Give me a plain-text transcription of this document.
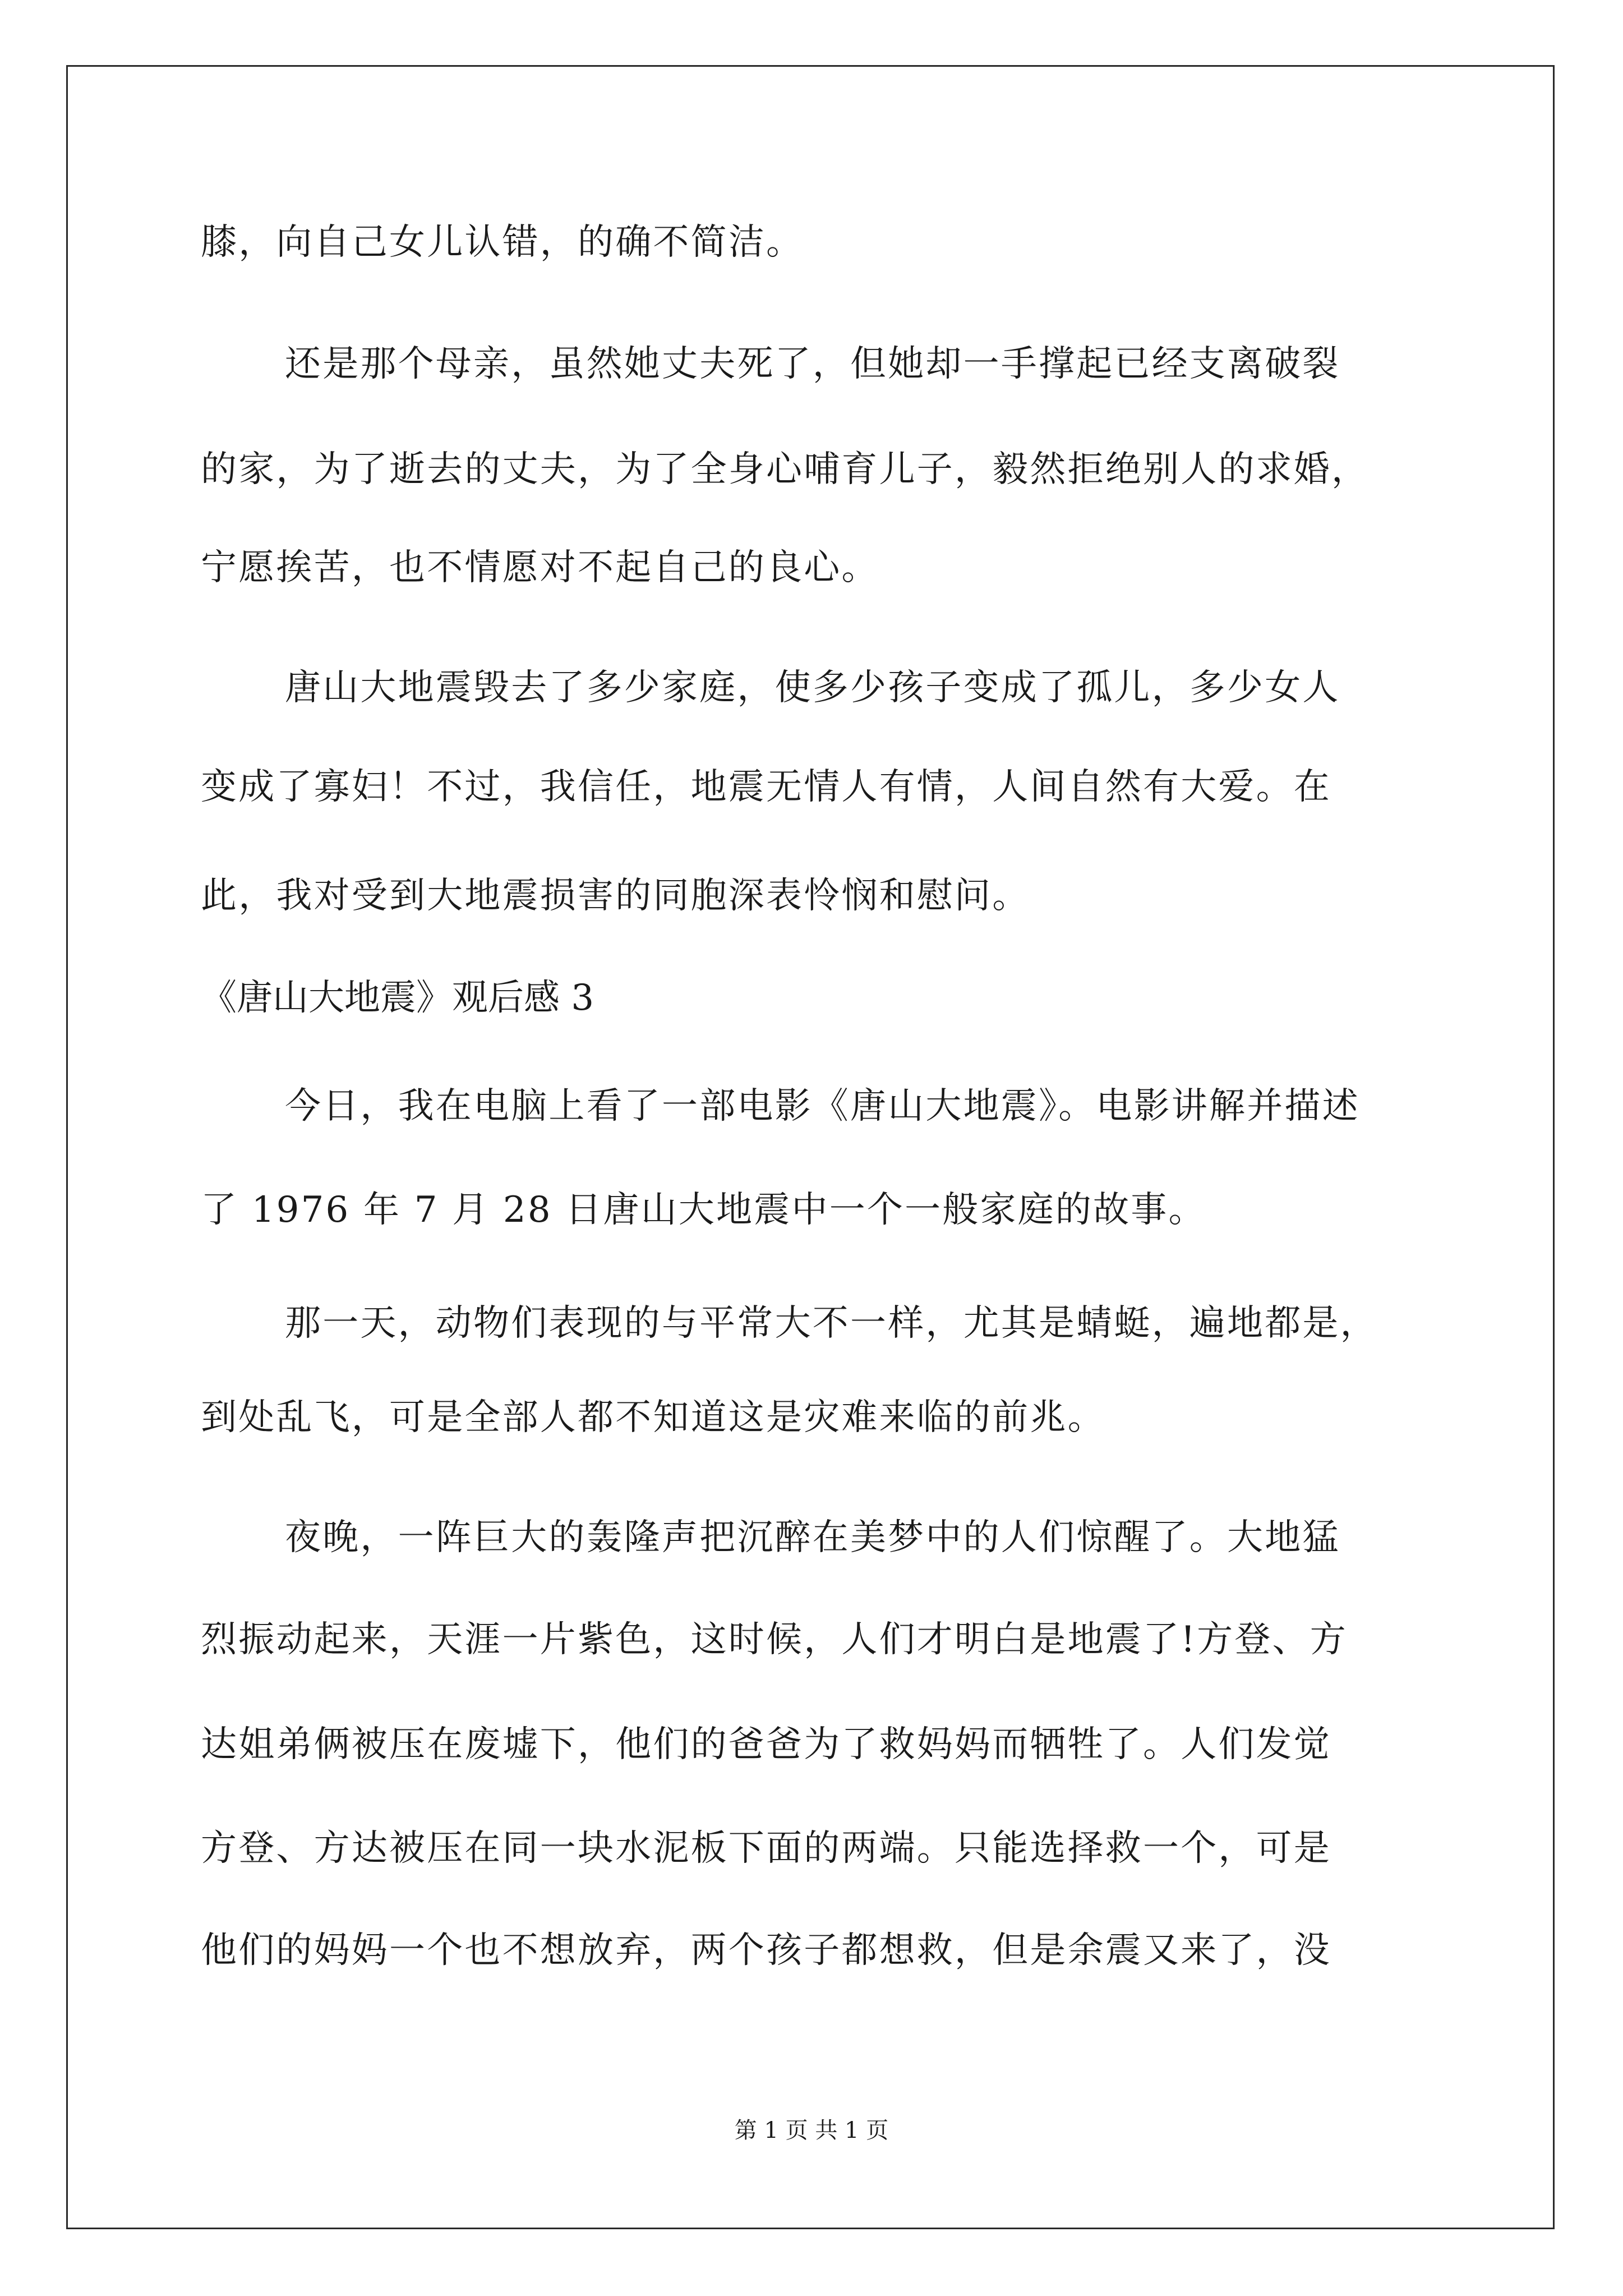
膝，向自己女儿认错，的确不简洁。
还是那个母亲，虽然她丈夫死了，但她却一手撑起已经支离破裂
的家，为了逝去的丈夫，为了全身心哺育儿子，毅然拒绝别人的求婚，
宁愿挨苦，也不情愿对不起自己的良心。
唐山大地震毁去了多少家庭，使多少孩子变成了孤儿，多少女人
变成了寡妇！不过，我信任，地震无情人有情，人间自然有大爱。在
此，我对受到大地震损害的同胞深表怜悯和慰问。
《唐山大地震》观后感 3
今日，我在电脑上看了一部电影《唐山大地震》。电影讲解并描述
了 1976 年 7 月 28 日唐山大地震中一个一般家庭的故事。
那一天，动物们表现的与平常大不一样，尤其是蜻蜓，遍地都是，
到处乱飞，可是全部人都不知道这是灾难来临的前兆。
夜晚，一阵巨大的轰隆声把沉醉在美梦中的人们惊醒了。大地猛
烈振动起来，天涯一片紫色，这时候，人们才明白是地震了!方登、方
达姐弟俩被压在废墟下，他们的爸爸为了救妈妈而牺牲了。人们发觉
方登、方达被压在同一块水泥板下面的两端。只能选择救一个，可是
他们的妈妈一个也不想放弃，两个孩子都想救，但是余震又来了，没
第 1 页 共 1 页
